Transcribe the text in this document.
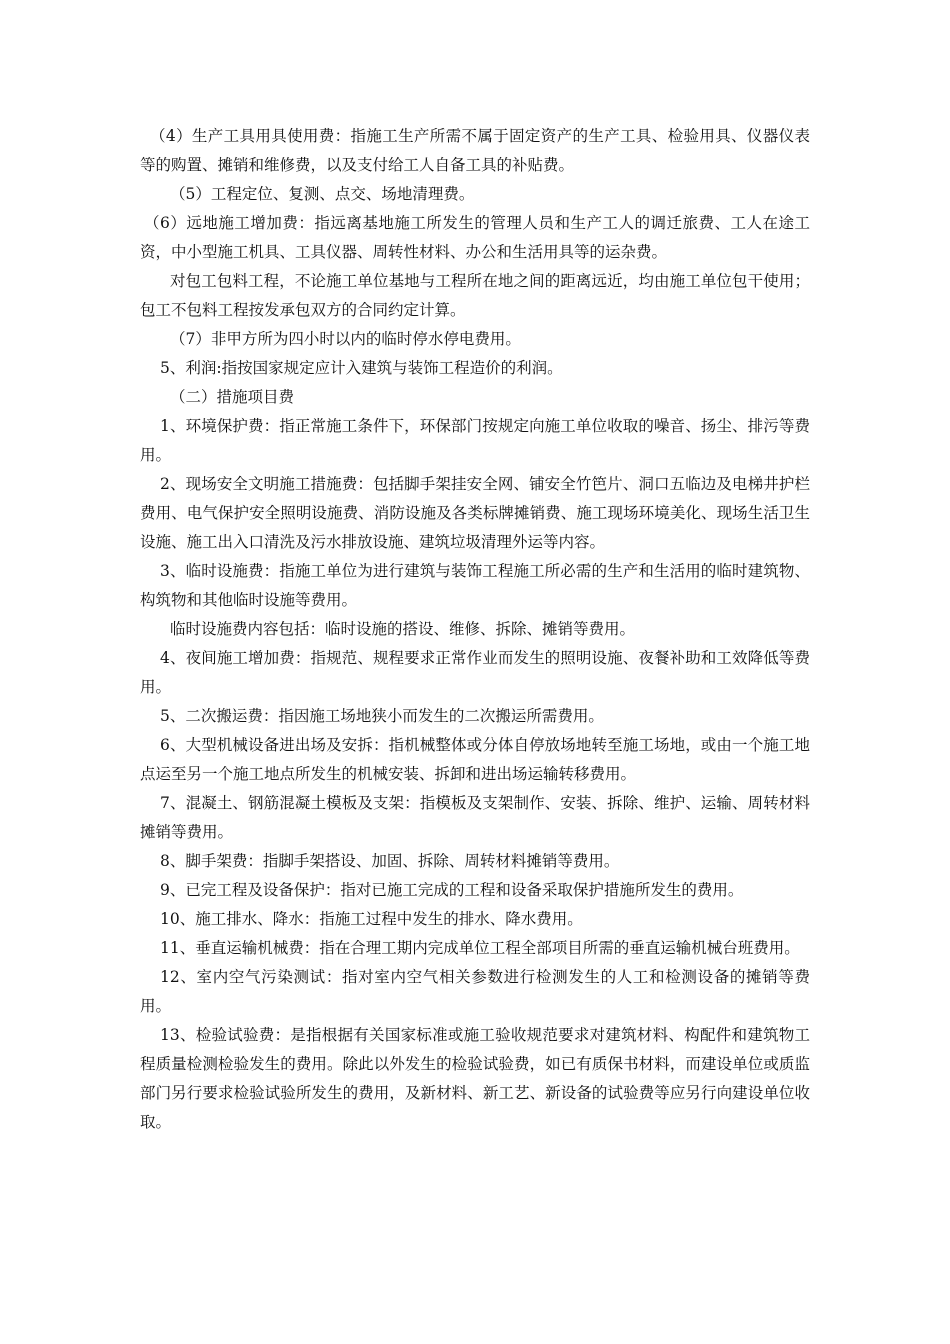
（4）生产工具用具使用费：指施工生产所需不属于固定资产的生产工具、检验用具、仪器仪表等的购置、摊销和维修费，以及支付给工人自备工具的补贴费。

（5）工程定位、复测、点交、场地清理费。

（6）远地施工增加费：指远离基地施工所发生的管理人员和生产工人的调迁旅费、工人在途工资，中小型施工机具、工具仪器、周转性材料、办公和生活用具等的运杂费。

对包工包料工程，不论施工单位基地与工程所在地之间的距离远近，均由施工单位包干使用；包工不包料工程按发承包双方的合同约定计算。

（7）非甲方所为四小时以内的临时停水停电费用。

5、利润:指按国家规定应计入建筑与装饰工程造价的利润。

（二）措施项目费

1、环境保护费：指正常施工条件下，环保部门按规定向施工单位收取的噪音、扬尘、排污等费用。

2、现场安全文明施工措施费：包括脚手架挂安全网、铺安全竹笆片、洞口五临边及电梯井护栏费用、电气保护安全照明设施费、消防设施及各类标牌摊销费、施工现场环境美化、现场生活卫生设施、施工出入口清洗及污水排放设施、建筑垃圾清理外运等内容。

3、临时设施费：指施工单位为进行建筑与装饰工程施工所必需的生产和生活用的临时建筑物、构筑物和其他临时设施等费用。

临时设施费内容包括：临时设施的搭设、维修、拆除、摊销等费用。

4、夜间施工增加费：指规范、规程要求正常作业而发生的照明设施、夜餐补助和工效降低等费用。

5、二次搬运费：指因施工场地狭小而发生的二次搬运所需费用。

6、大型机械设备进出场及安拆：指机械整体或分体自停放场地转至施工场地，或由一个施工地点运至另一个施工地点所发生的机械安装、拆卸和进出场运输转移费用。

7、混凝土、钢筋混凝土模板及支架：指模板及支架制作、安装、拆除、维护、运输、周转材料摊销等费用。

8、脚手架费：指脚手架搭设、加固、拆除、周转材料摊销等费用。

9、已完工程及设备保护：指对已施工完成的工程和设备采取保护措施所发生的费用。

10、施工排水、降水：指施工过程中发生的排水、降水费用。

11、垂直运输机械费：指在合理工期内完成单位工程全部项目所需的垂直运输机械台班费用。

12、室内空气污染测试：指对室内空气相关参数进行检测发生的人工和检测设备的摊销等费用。

13、检验试验费：是指根据有关国家标准或施工验收规范要求对建筑材料、构配件和建筑物工程质量检测检验发生的费用。除此以外发生的检验试验费，如已有质保书材料，而建设单位或质监部门另行要求检验试验所发生的费用，及新材料、新工艺、新设备的试验费等应另行向建设单位收取。
